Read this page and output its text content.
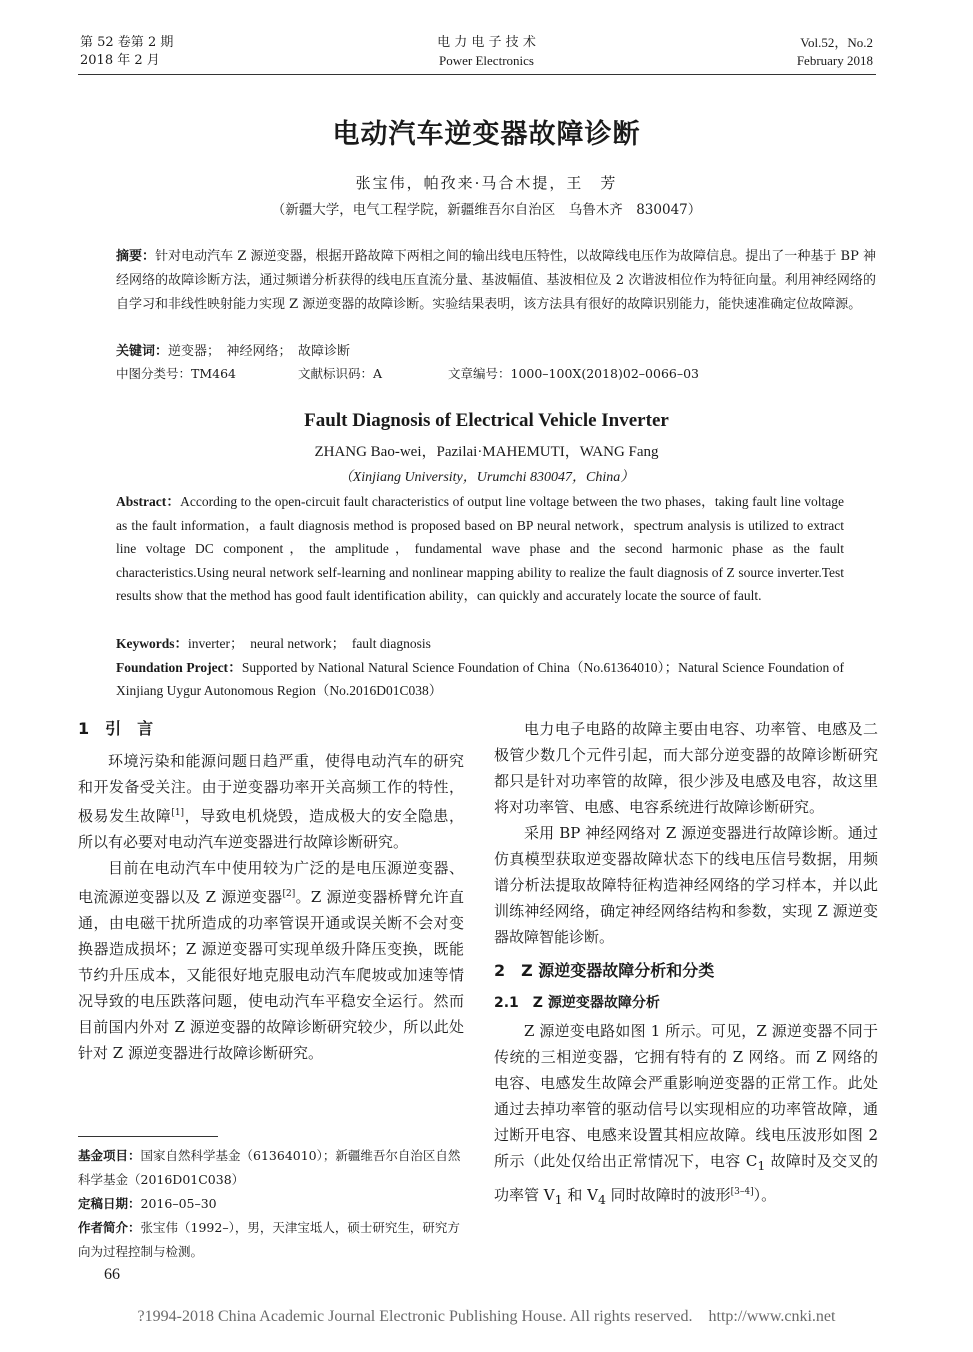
第 52 卷第 2 期
2018 年 2 月
电 力 电 子 技 术
Power Electronics
Vol.52，No.2
February 2018
电动汽车逆变器故障诊断
张宝伟，帕孜来·马合木提，王　芳
（新疆大学，电气工程学院，新疆维吾尔自治区　乌鲁木齐　830047）
摘要：针对电动汽车 Z 源逆变器，根据开路故障下两相之间的输出线电压特性，以故障线电压作为故障信息。提出了一种基于 BP 神经网络的故障诊断方法，通过频谱分析获得的线电压直流分量、基波幅值、基波相位及 2 次谐波相位作为特征向量。利用神经网络的自学习和非线性映射能力实现 Z 源逆变器的故障诊断。实验结果表明，该方法具有很好的故障识别能力，能快速准确定位故障源。
关键词：逆变器；　神经网络；　故障诊断
中图分类号：TM464	文献标识码：A	文章编号：1000–100X(2018)02–0066–03
Fault Diagnosis of Electrical Vehicle Inverter
ZHANG Bao-wei，Pazilai·MAHEMUTI，WANG Fang
（Xinjiang University，Urumchi 830047，China）
Abstract：According to the open-circuit fault characteristics of output line voltage between the two phases，taking fault line voltage as the fault information，a fault diagnosis method is proposed based on BP neural network，spectrum analysis is utilized to extract line voltage DC component，the amplitude，fundamental wave phase and the second harmonic phase as the fault characteristics.Using neural network self-learning and nonlinear mapping ability to realize the fault diagnosis of Z source inverter.Test results show that the method has good fault identification ability，can quickly and accurately locate the source of fault.
Keywords：inverter；　neural network；　fault diagnosis
Foundation Project：Supported by National Natural Science Foundation of China（No.61364010）；Natural Science Foundation of Xinjiang Uygur Autonomous Region（No.2016D01C038）
1　引　言

环境污染和能源问题日趋严重，使得电动汽车的研究和开发备受关注。由于逆变器功率开关高频工作的特性，极易发生故障[1]，导致电机烧毁，造成极大的安全隐患，所以有必要对电动汽车逆变器进行故障诊断研究。

目前在电动汽车中使用较为广泛的是电压源逆变器、电流源逆变器以及 Z 源逆变器[2]。Z 源逆变器桥臂允许直通，由电磁干扰所造成的功率管误开通或误关断不会对变换器造成损坏；Z 源逆变器可实现单级升降压变换，既能节约升压成本，又能很好地克服电动汽车爬坡或加速等情况导致的电压跌落问题，使电动汽车平稳安全运行。然而目前国内外对 Z 源逆变器的故障诊断研究较少，所以此处针对 Z 源逆变器进行故障诊断研究。

基金项目：国家自然科学基金（61364010）；新疆维吾尔自治区自然科学基金（2016D01C038）
定稿日期：2016–05–30
作者简介：张宝伟（1992–），男，天津宝坻人，硕士研究生，研究方向为过程控制与检测。

电力电子电路的故障主要由电容、功率管、电感及二极管少数几个元件引起，而大部分逆变器的故障诊断研究都只是针对功率管的故障，很少涉及电感及电容，故这里将对功率管、电感、电容系统进行故障诊断研究。

采用 BP 神经网络对 Z 源逆变器进行故障诊断。通过仿真模型获取逆变器故障状态下的线电压信号数据，用频谱分析法提取故障特征构造神经网络的学习样本，并以此训练神经网络，确定神经网络结构和参数，实现 Z 源逆变器故障智能诊断。

2　Z 源逆变器故障分析和分类
2.1　Z 源逆变器故障分析

Z 源逆变电路如图 1 所示。可见，Z 源逆变器不同于传统的三相逆变器，它拥有特有的 Z 网络。而 Z 网络的电容、电感发生故障会严重影响逆变器的正常工作。此处通过去掉功率管的驱动信号以实现相应的功率管故障，通过断开电容、电感来设置其相应故障。线电压波形如图 2 所示（此处仅给出正常情况下，电容 $C_1$ 故障时及交叉的功率管 $V_1$ 和 $V_4$ 同时故障时的波形[3–4]）。

66
?1994-2018 China Academic Journal Electronic Publishing House. All rights reserved.　http://www.cnki.net
